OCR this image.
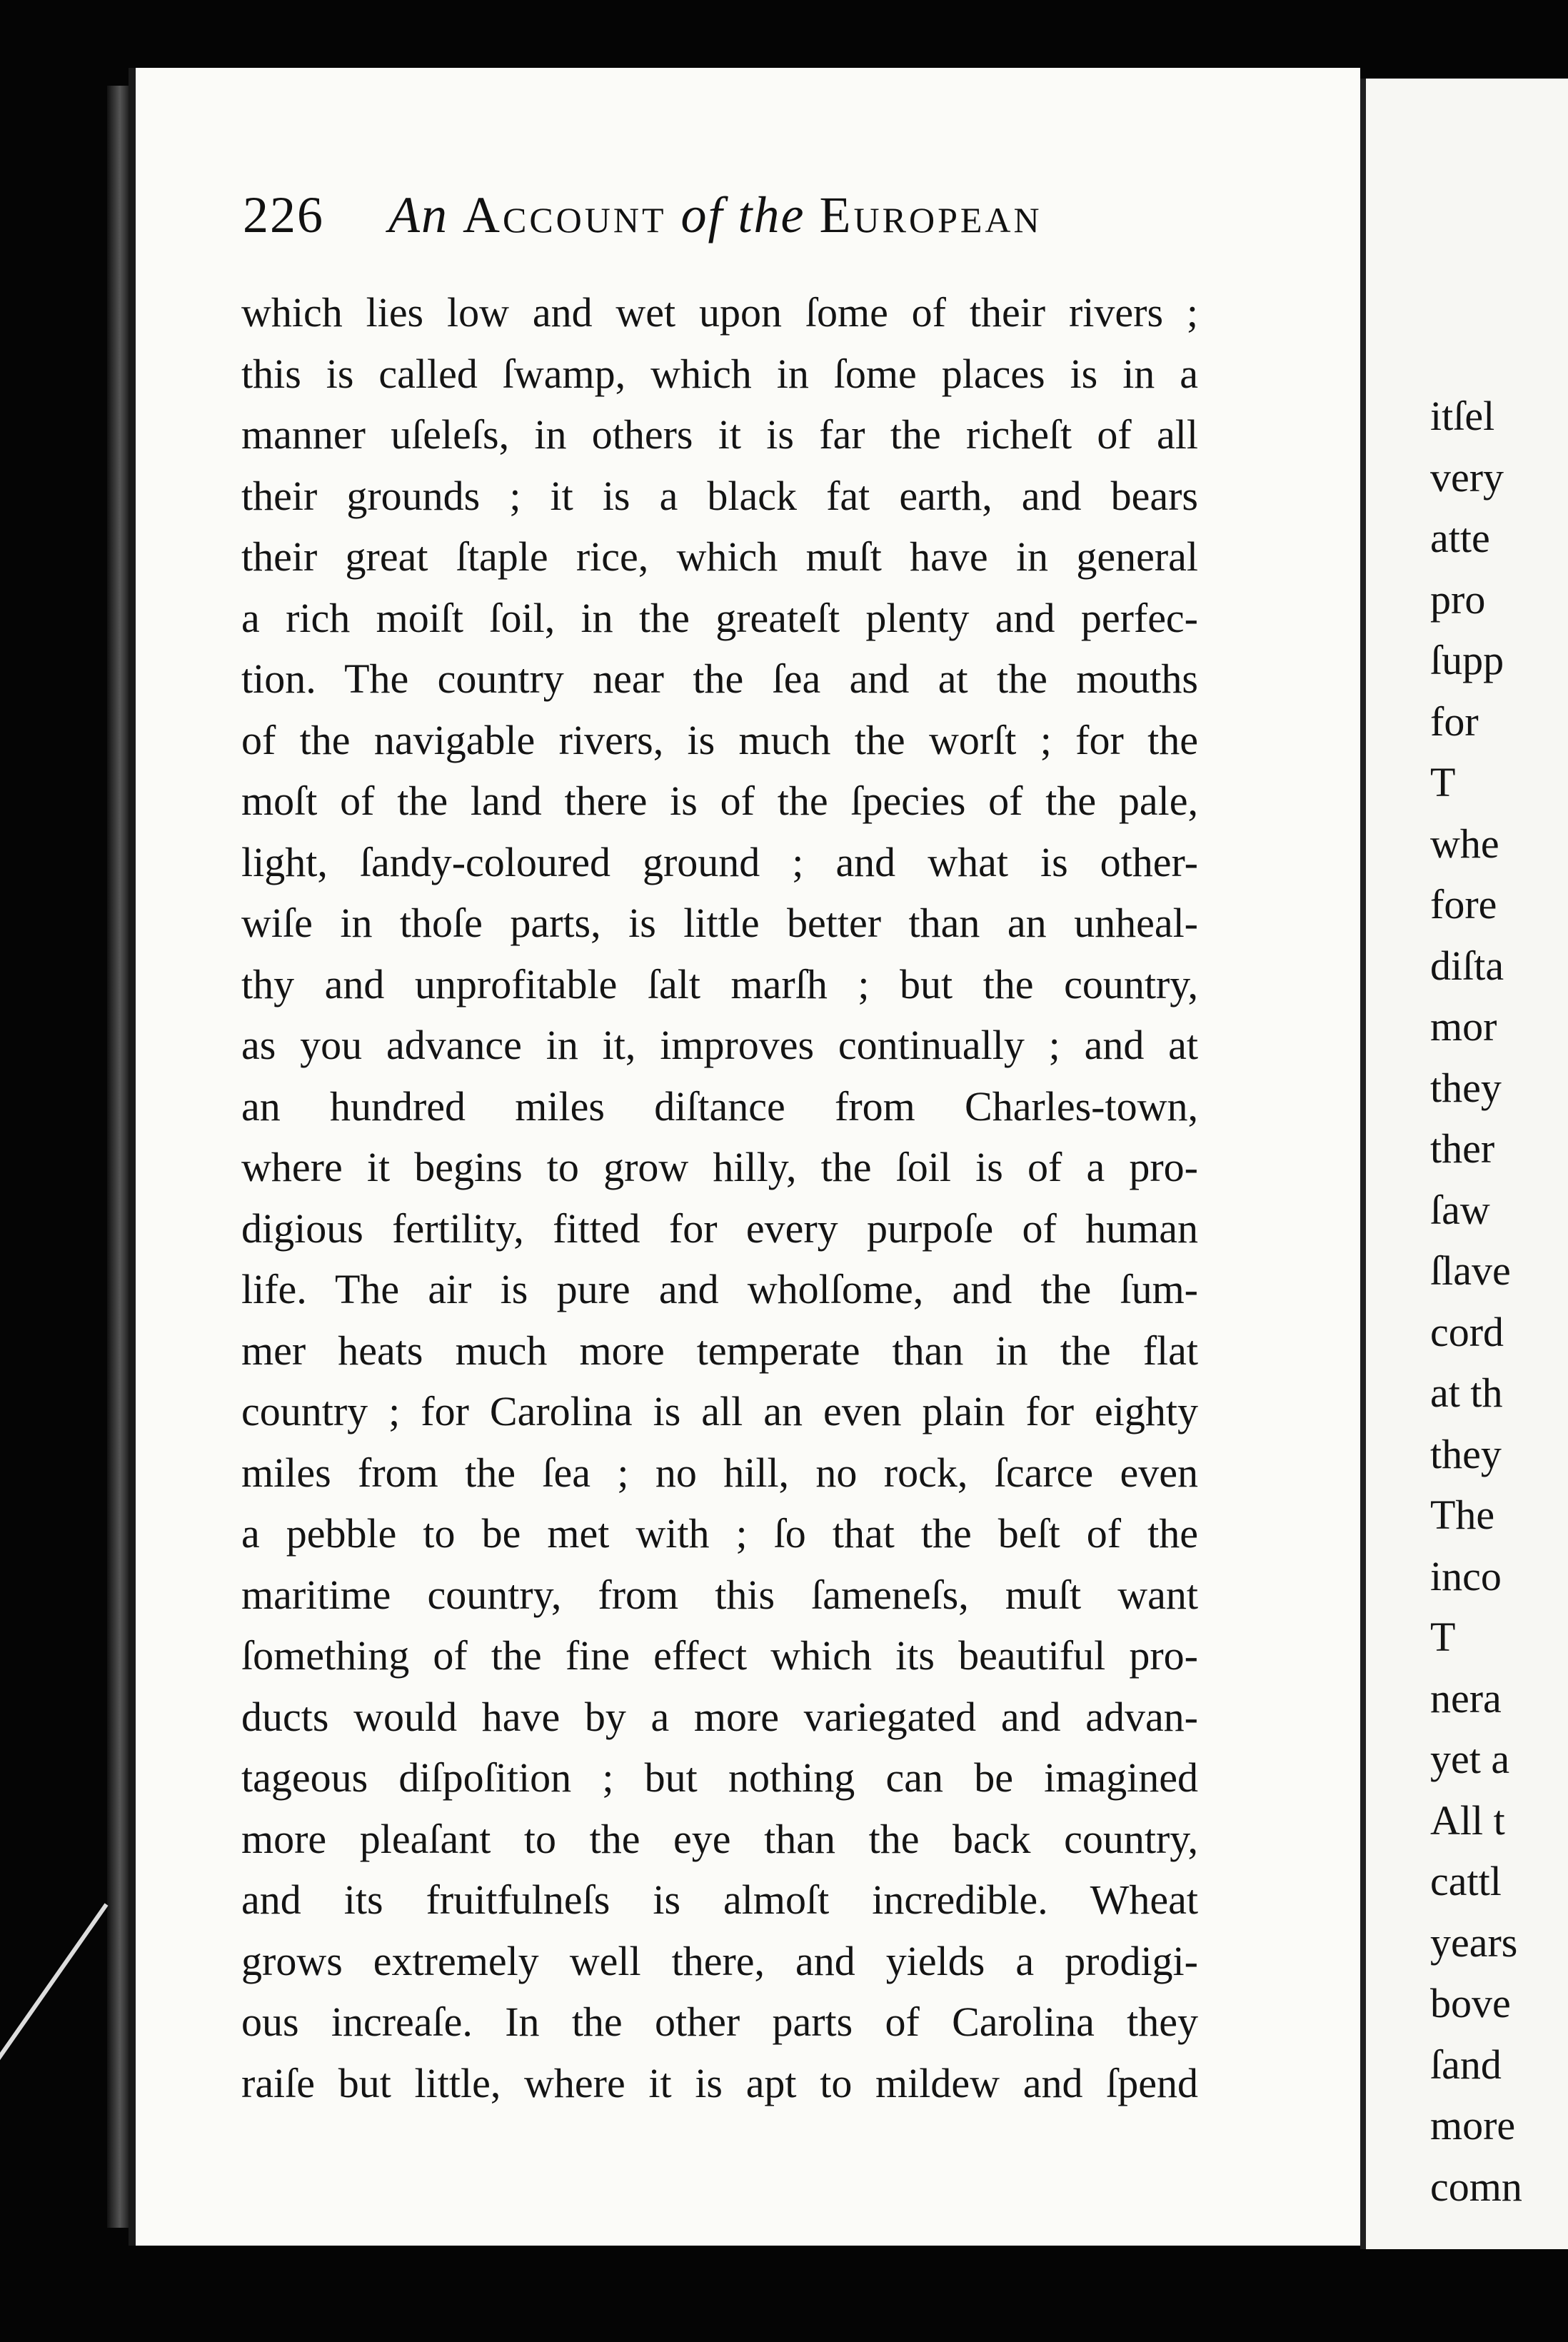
226 An Account of the European
which lies low and wet upon ſome of their rivers ;
this is called ſwamp, which in ſome places is in a
manner uſeleſs, in others it is far the richeſt of all
their grounds ; it is a black fat earth, and bears
their great ſtaple rice, which muſt have in general
a rich moiſt ſoil, in the greateſt plenty and perfec-
tion. The country near the ſea and at the mouths
of the navigable rivers, is much the worſt ; for the
moſt of the land there is of the ſpecies of the pale,
light, ſandy-coloured ground ; and what is other-
wiſe in thoſe parts, is little better than an unheal-
thy and unprofitable ſalt marſh ; but the country,
as you advance in it, improves continually ; and at
an hundred miles diſtance from Charles-town,
where it begins to grow hilly, the ſoil is of a pro-
digious fertility, fitted for every purpoſe of human
life. The air is pure and wholſome, and the ſum-
mer heats much more temperate than in the flat
country ; for Carolina is all an even plain for eighty
miles from the ſea ; no hill, no rock, ſcarce even
a pebble to be met with ; ſo that the beſt of the
maritime country, from this ſameneſs, muſt want
ſomething of the fine effect which its beautiful pro-
ducts would have by a more variegated and advan-
tageous diſpoſition ; but nothing can be imagined
more pleaſant to the eye than the back country,
and its fruitfulneſs is almoſt incredible. Wheat
grows extremely well there, and yields a prodigi-
ous increaſe. In the other parts of Carolina they
raiſe but little, where it is apt to mildew and ſpend
itſel
very
atte
pro
ſupp
for
T
whe
fore
diſta
mor
they
ther
ſaw
ſlave
cord
at th
they
The
inco
T
nera
yet a
All t
cattl
years
bove
ſand
more
comn
